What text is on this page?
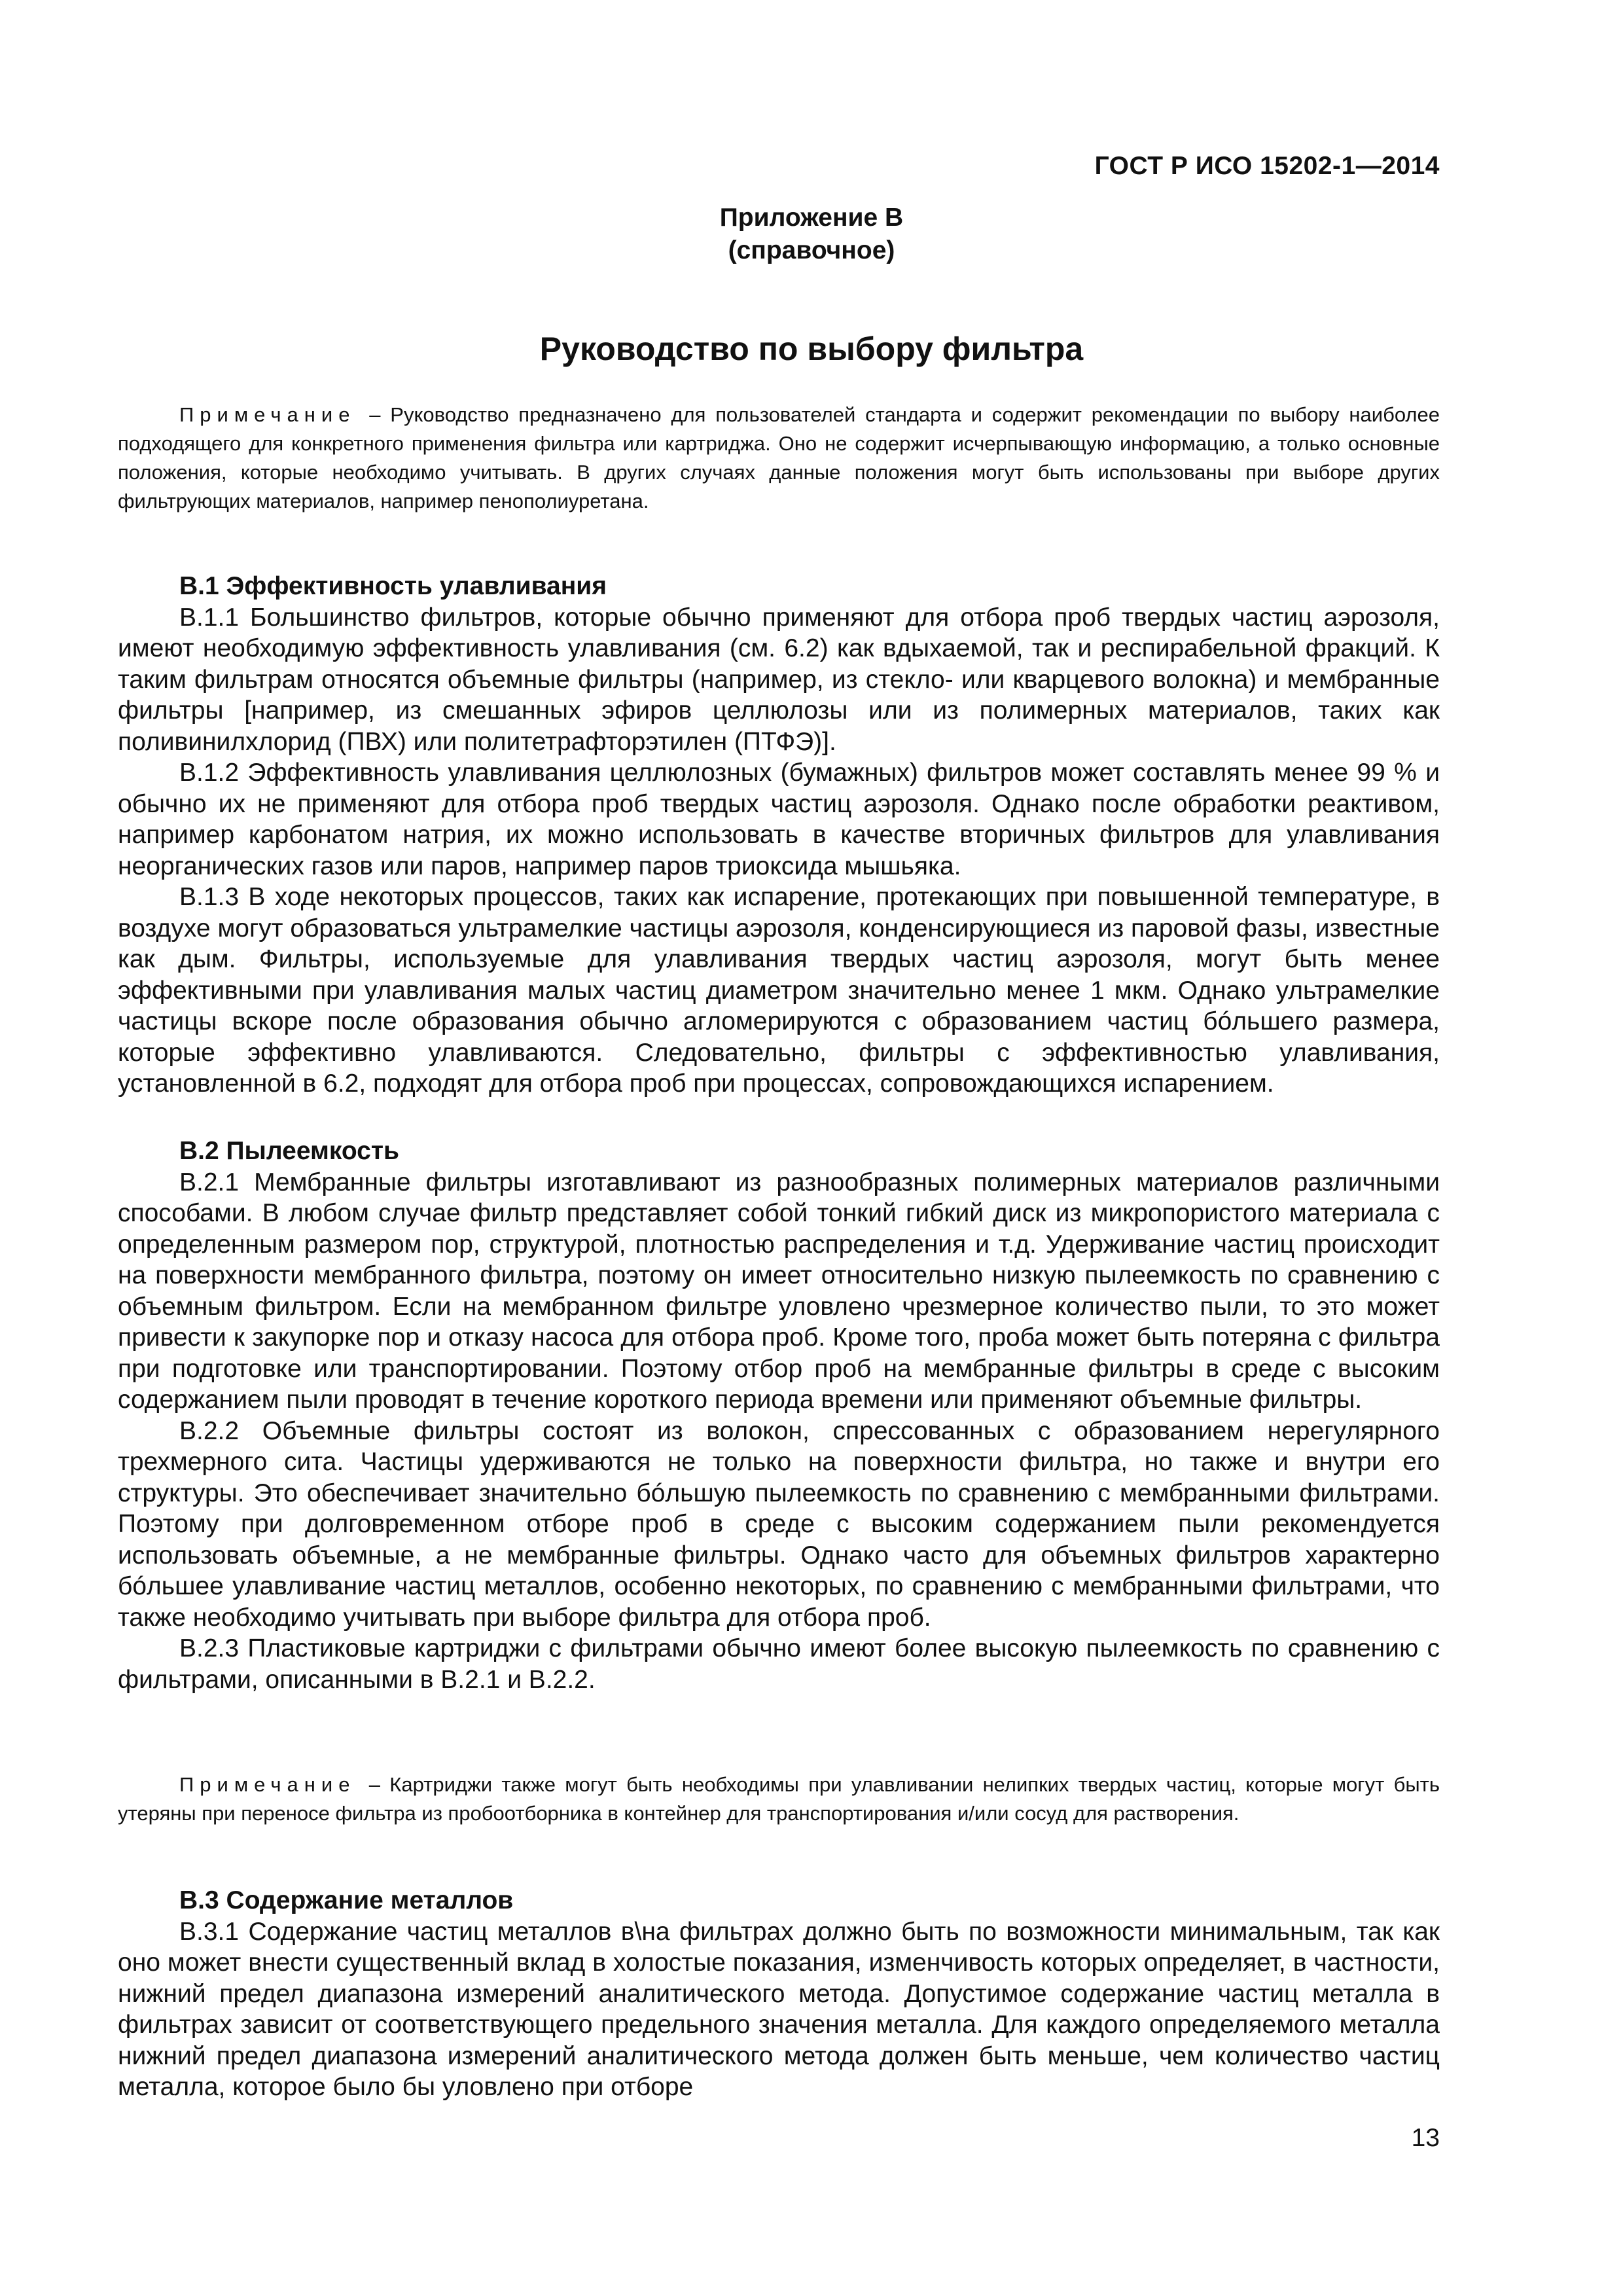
ГОСТ Р ИСО 15202-1—2014
Приложение В
(справочное)
Руководство по выбору фильтра

Примечание – Руководство предназначено для пользователей стандарта и содержит рекомендации по выбору наиболее подходящего для конкретного применения фильтра или картриджа. Оно не содержит исчерпывающую информацию, а только основные положения, которые необходимо учитывать. В других случаях данные положения могут быть использованы при выборе других фильтрующих материалов, например пенополиуретана.

В.1 Эффективность улавливания

В.1.1 Большинство фильтров, которые обычно применяют для отбора проб твердых частиц аэрозоля, имеют необходимую эффективность улавливания (см. 6.2) как вдыхаемой, так и респирабельной фракций. К таким фильтрам относятся объемные фильтры (например, из стекло- или кварцевого волокна) и мембранные фильтры [например, из смешанных эфиров целлюлозы или из полимерных материалов, таких как поливинилхлорид (ПВХ) или политетрафторэтилен (ПТФЭ)].

В.1.2 Эффективность улавливания целлюлозных (бумажных) фильтров может составлять менее 99 % и обычно их не применяют для отбора проб твердых частиц аэрозоля. Однако после обработки реактивом, например карбонатом натрия, их можно использовать в качестве вторичных фильтров для улавливания неорганических газов или паров, например паров триоксида мышьяка.

В.1.3 В ходе некоторых процессов, таких как испарение, протекающих при повышенной температуре, в воздухе могут образоваться ультрамелкие частицы аэрозоля, конденсирующиеся из паровой фазы, известные как дым. Фильтры, используемые для улавливания твердых частиц аэрозоля, могут быть менее эффективными при улавливания малых частиц диаметром значительно менее 1 мкм. Однако ультрамелкие частицы вскоре после образования обычно агломерируются с образованием частиц бóльшего размера, которые эффективно улавливаются. Следовательно, фильтры с эффективностью улавливания, установленной в 6.2, подходят для отбора проб при процессах, сопровождающихся испарением.

В.2 Пылеемкость

В.2.1 Мембранные фильтры изготавливают из разнообразных полимерных материалов различными способами. В любом случае фильтр представляет собой тонкий гибкий диск из микропористого материала с определенным размером пор, структурой, плотностью распределения и т.д. Удерживание частиц происходит на поверхности мембранного фильтра, поэтому он имеет относительно низкую пылеемкость по сравнению с объемным фильтром. Если на мембранном фильтре уловлено чрезмерное количество пыли, то это может привести к закупорке пор и отказу насоса для отбора проб. Кроме того, проба может быть потеряна с фильтра при подготовке или транспортировании. Поэтому отбор проб на мембранные фильтры в среде с высоким содержанием пыли проводят в течение короткого периода времени или применяют объемные фильтры.

В.2.2 Объемные фильтры состоят из волокон, спрессованных с образованием нерегулярного трехмерного сита. Частицы удерживаются не только на поверхности фильтра, но также и внутри его структуры. Это обеспечивает значительно бóльшую пылеемкость по сравнению с мембранными фильтрами. Поэтому при долговременном отборе проб в среде с высоким содержанием пыли рекомендуется использовать объемные, а не мембранные фильтры. Однако часто для объемных фильтров характерно бóльшее улавливание частиц металлов, особенно некоторых, по сравнению с мембранными фильтрами, что также необходимо учитывать при выборе фильтра для отбора проб.

В.2.3 Пластиковые картриджи с фильтрами обычно имеют более высокую пылеемкость по сравнению с фильтрами, описанными в В.2.1 и В.2.2.

Примечание – Картриджи также могут быть необходимы при улавливании нелипких твердых частиц, которые могут быть утеряны при переносе фильтра из пробоотборника в контейнер для транспортирования и/или сосуд для растворения.

В.3 Содержание металлов

В.3.1 Содержание частиц металлов в\на фильтрах должно быть по возможности минимальным, так как оно может внести существенный вклад в холостые показания, изменчивость которых определяет, в частности, нижний предел диапазона измерений аналитического метода. Допустимое содержание частиц металла в фильтрах зависит от соответствующего предельного значения металла. Для каждого определяемого металла нижний предел диапазона измерений аналитического метода должен быть меньше, чем количество частиц металла, которое было бы уловлено при отборе

13
